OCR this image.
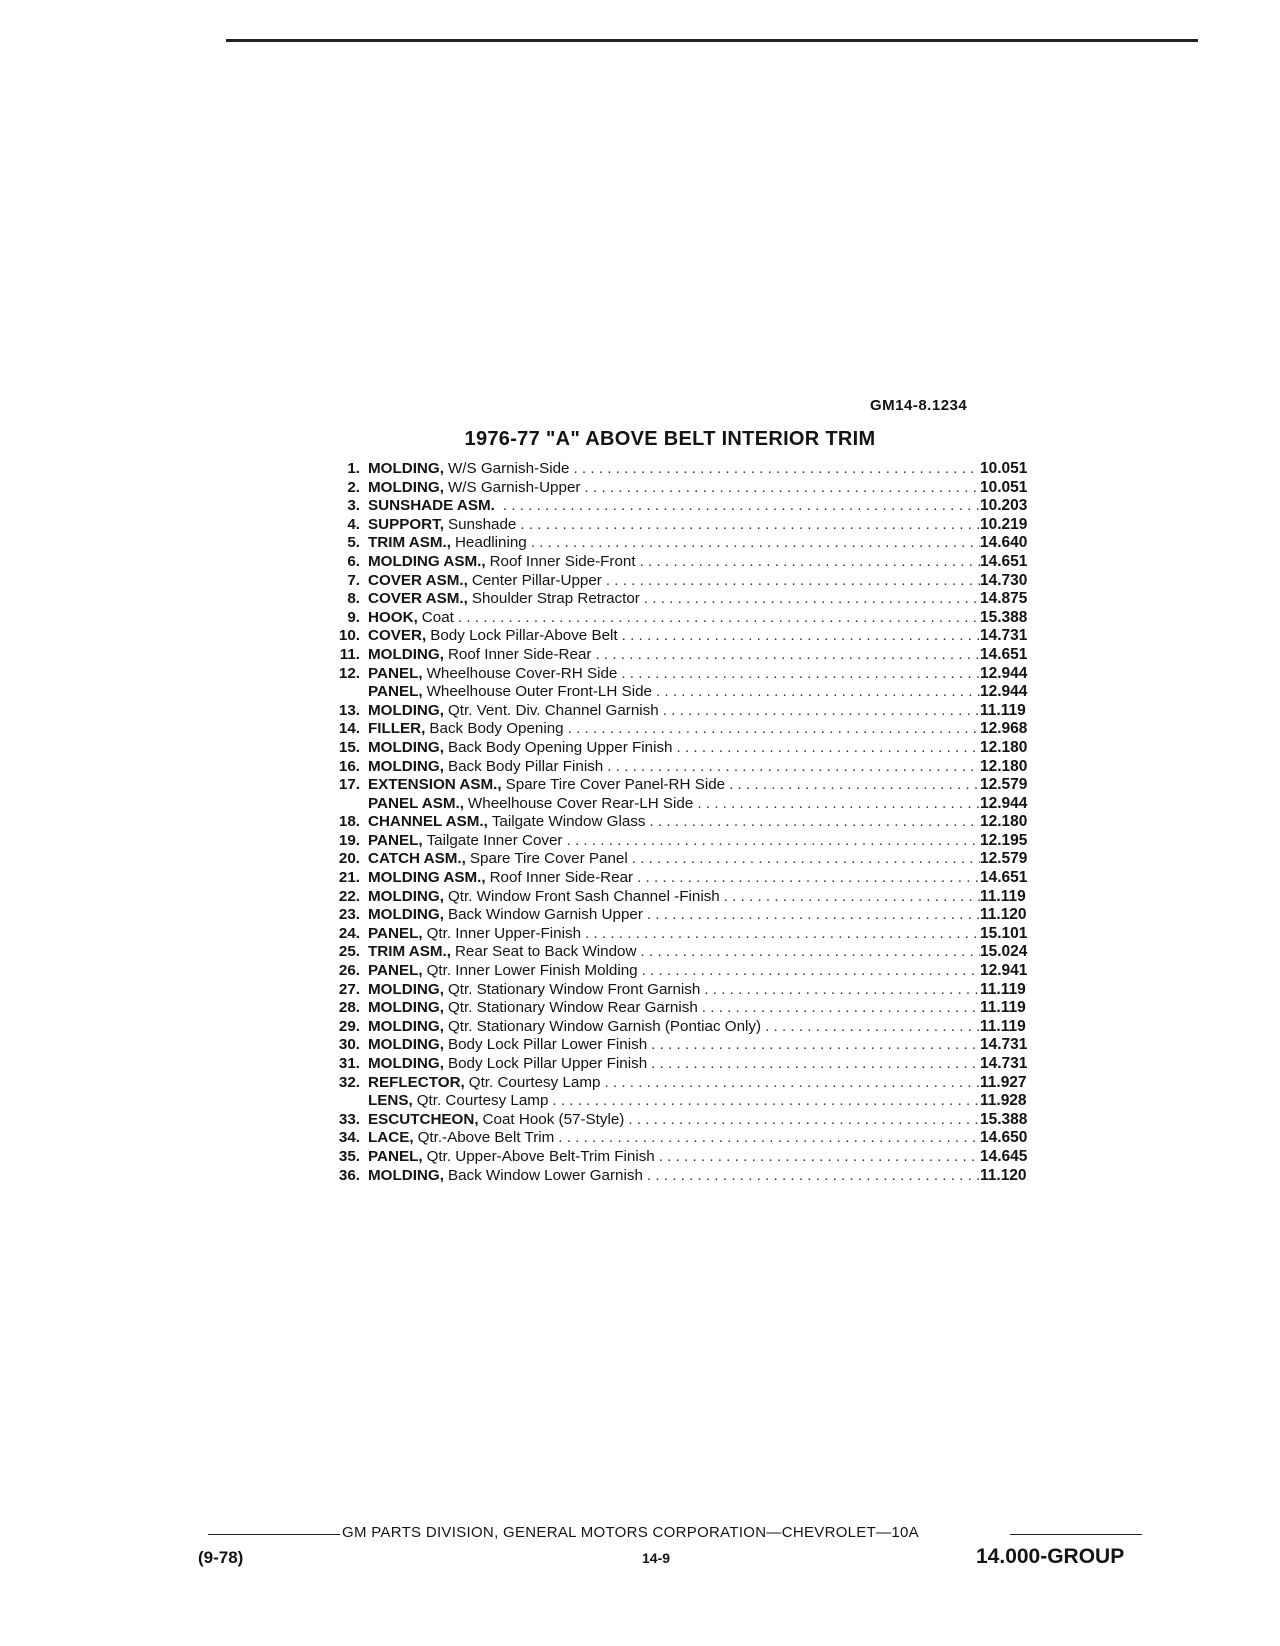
GM14-8.1234
1976-77 "A" ABOVE BELT INTERIOR TRIM
1. MOLDING, W/S Garnish-Side . . .	10.051
2. MOLDING, W/S Garnish-Upper . . .	10.051
3. SUNSHADE ASM. . . .	10.203
4. SUPPORT, Sunshade . . .	10.219
5. TRIM ASM., Headlining . . .	14.640
6. MOLDING ASM., Roof Inner Side-Front . . .	14.651
7. COVER ASM., Center Pillar-Upper . . .	14.730
8. COVER ASM., Shoulder Strap Retractor . . .	14.875
9. HOOK, Coat . . .	15.388
10. COVER, Body Lock Pillar-Above Belt . . .	14.731
11. MOLDING, Roof Inner Side-Rear . . .	14.651
12. PANEL, Wheelhouse Cover-RH Side . . .	12.944
PANEL, Wheelhouse Outer Front-LH Side . . .	12.944
13. MOLDING, Qtr. Vent. Div. Channel Garnish . . .	11.119
14. FILLER, Back Body Opening . . .	12.968
15. MOLDING, Back Body Opening Upper Finish . . .	12.180
16. MOLDING, Back Body Pillar Finish . . .	12.180
17. EXTENSION ASM., Spare Tire Cover Panel-RH Side . . .	12.579
PANEL ASM., Wheelhouse Cover Rear-LH Side . . .	12.944
18. CHANNEL ASM., Tailgate Window Glass . . .	12.180
19. PANEL, Tailgate Inner Cover . . .	12.195
20. CATCH ASM., Spare Tire Cover Panel . . .	12.579
21. MOLDING ASM., Roof Inner Side-Rear . . .	14.651
22. MOLDING, Qtr. Window Front Sash Channel -Finish . . .	11.119
23. MOLDING, Back Window Garnish Upper . . .	11.120
24. PANEL, Qtr. Inner Upper-Finish . . .	15.101
25. TRIM ASM., Rear Seat to Back Window . . .	15.024
26. PANEL, Qtr. Inner Lower Finish Molding . . .	12.941
27. MOLDING, Qtr. Stationary Window Front Garnish . . .	11.119
28. MOLDING, Qtr. Stationary Window Rear Garnish . . .	11.119
29. MOLDING, Qtr. Stationary Window Garnish (Pontiac Only) . . .	11.119
30. MOLDING, Body Lock Pillar Lower Finish . . .	14.731
31. MOLDING, Body Lock Pillar Upper Finish . . .	14.731
32. REFLECTOR, Qtr. Courtesy Lamp . . .	11.927
LENS, Qtr. Courtesy Lamp . . .	11.928
33. ESCUTCHEON, Coat Hook (57-Style) . . .	15.388
34. LACE, Qtr.-Above Belt Trim . . .	14.650
35. PANEL, Qtr. Upper-Above Belt-Trim Finish . . .	14.645
36. MOLDING, Back Window Lower Garnish . . .	11.120
GM PARTS DIVISION, GENERAL MOTORS CORPORATION—CHEVROLET—10A
(9-78)	14-9	14.000-GROUP
